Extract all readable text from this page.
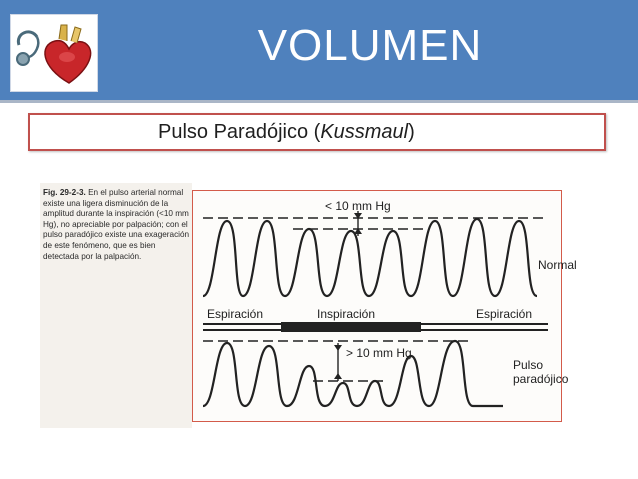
VOLUMEN
Pulso Paradójico (Kussmaul)
Fig. 29-2-3. En el pulso arterial normal existe una ligera disminución de la amplitud durante la inspiración (<10 mm Hg), no apreciable por palpación; con el pulso paradójico existe una exageración de este fenómeno, que es bien detectada por la palpación.
< 10 mm Hg
Normal
Espiración	Inspiración	Espiración
> 10 mm Hg
Pulso
paradójico
